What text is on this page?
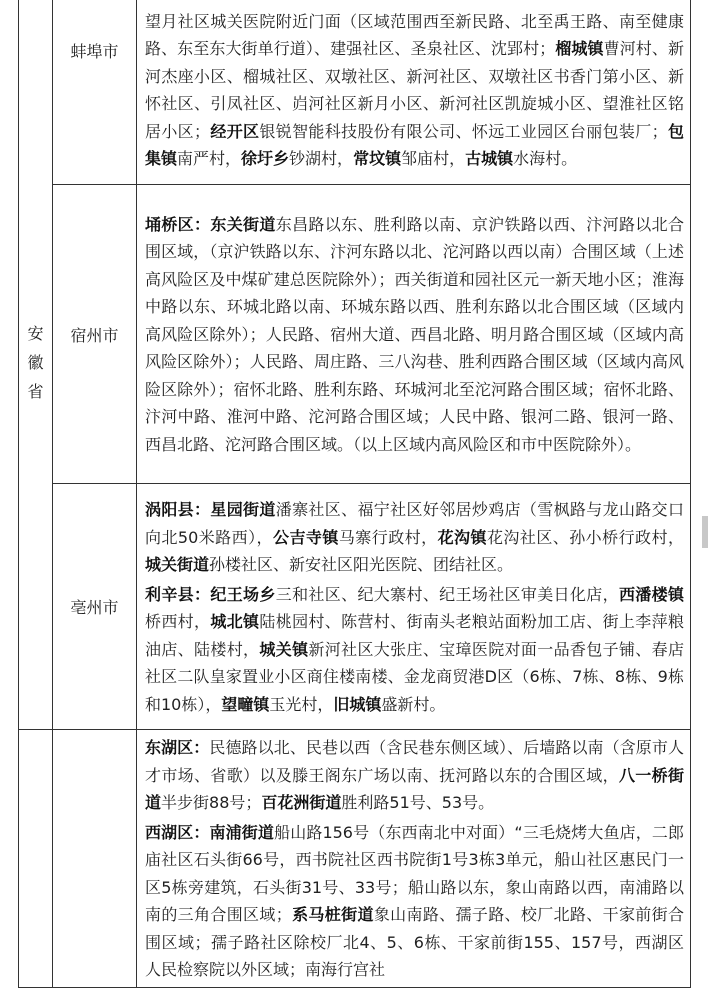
安
徽
省	蚌埠市	望月社区城关医院附近门面（区域范围西至新民路、北至禹王路、南至健康路、东至东大街单行道）、建强社区、圣泉社区、沈郢村；榴城镇曹河村、新河杰座小区、榴城社区、双墩社区、新河社区、双墩社区书香门第小区、新怀社区、引凤社区、岿河社区新月小区、新河社区凯旋城小区、望淮社区铭居小区；经开区银锐智能科技股份有限公司、怀远工业园区台丽包装厂；包集镇南严村，徐圩乡钞湖村，常坟镇邹庙村，古城镇水海村。

	宿州市	埇桥区：东关街道东昌路以东、胜利路以南、京沪铁路以西、汴河路以北合围区域，（京沪铁路以东、汴河东路以北、沱河路以西以南）合围区域（上述高风险区及中煤矿建总医院除外）；西关街道和园社区元一新天地小区；淮海中路以东、环城北路以南、环城东路以西、胜利东路以北合围区域（区域内高风险区除外）；人民路、宿州大道、西昌北路、明月路合围区域（区域内高风险区除外）；人民路、周庄路、三八沟巷、胜利西路合围区域（区域内高风险区除外）；宿怀北路、胜利东路、环城河北至沱河路合围区域；宿怀北路、汴河中路、淮河中路、沱河路合围区域；人民中路、银河二路、银河一路、西昌北路、沱河路合围区域。（以上区域内高风险区和市中医院除外）。

	亳州市	涡阳县：星园街道潘寨社区、福宁社区好邻居炒鸡店（雪枫路与龙山路交口向北50米路西），公吉寺镇马寨行政村，花沟镇花沟社区、孙小桥行政村，城关街道孙楼社区、新安社区阳光医院、团结社区。

利辛县：纪王场乡三和社区、纪大寨村、纪王场社区审美日化店，西潘楼镇桥西村，城北镇陆桃园村、陈营村、街南头老粮站面粉加工店、街上李萍粮油店、陆楼村，城关镇新河社区大张庄、宝璋医院对面一品香包子铺、春店社区二队皇家置业小区商住楼南楼、金龙商贸港D区（6栋、7栋、8栋、9栋和10栋），望疃镇玉光村，旧城镇盛新村。

		东湖区：民德路以北、民巷以西（含民巷东侧区域）、后墙路以南（含原市人才市场、省歌）以及滕王阁东广场以南、抚河路以东的合围区域，八一桥街道半步街88号；百花洲街道胜利路51号、53号。

西湖区：南浦街道船山路156号（东西南北中对面）“三毛烧烤大鱼店，二郎庙社区石头街66号，西书院社区西书院街1号3栋3单元，船山社区惠民门一区5栋旁建筑，石头街31号、33号；船山路以东，象山南路以西，南浦路以南的三角合围区域；系马桩街道象山南路、孺子路、校厂北路、干家前街合围区域；孺子路社区除校厂北4、5、6栋、干家前街155、157号，西湖区人民检察院以外区域；南海行宫社
